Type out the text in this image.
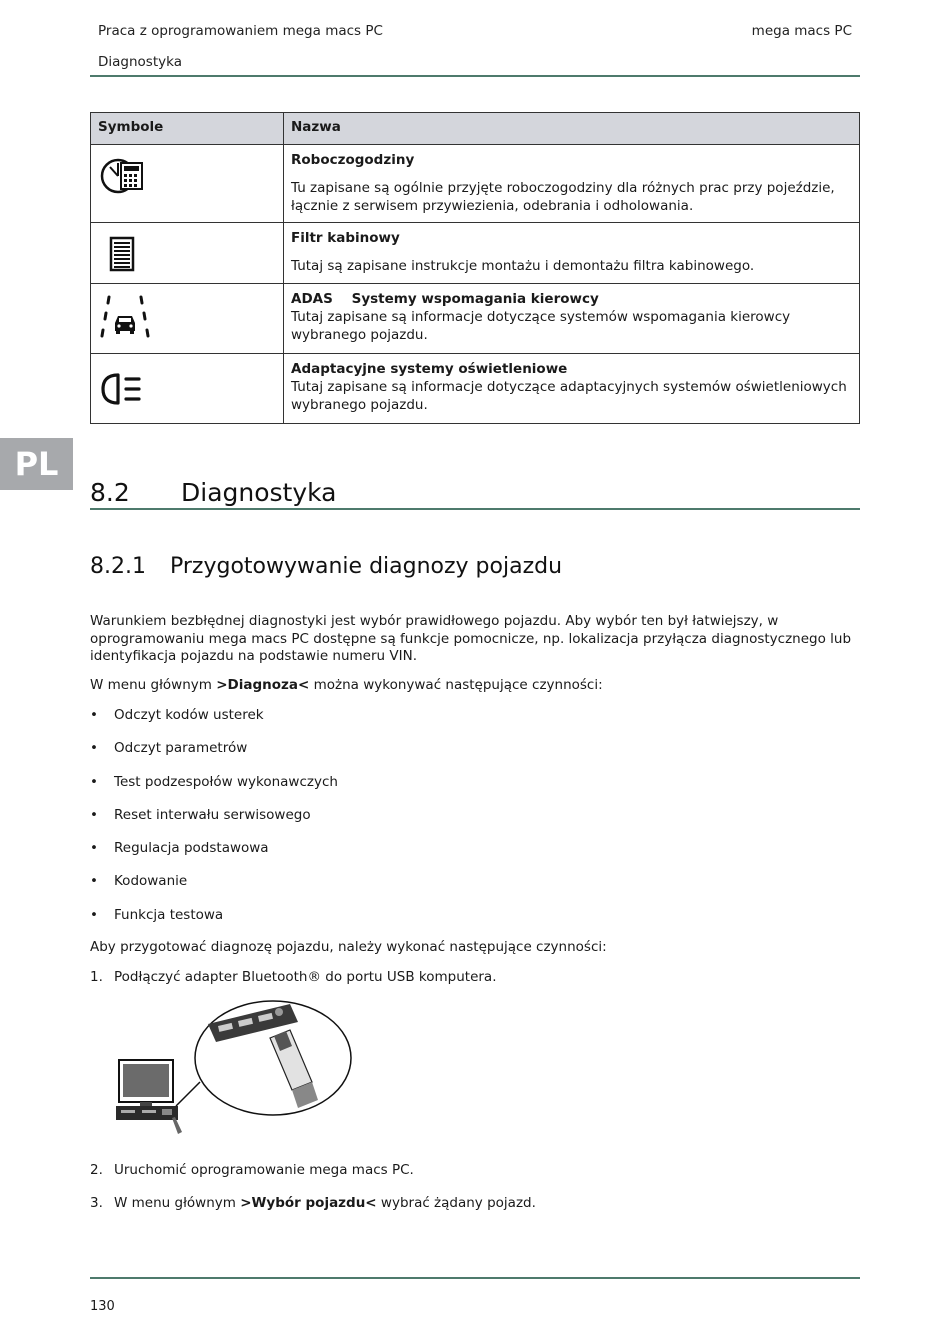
Praca z oprogramowaniem mega macs PC	mega macs PC
Diagnostyka
Symbole	Nazwa

Roboczogodziny
Tu zapisane są ogólnie przyjęte roboczogodziny dla różnych prac przy pojeździe, łącznie z serwisem przywiezienia, odebrania i odholowania.

Filtr kabinowy
Tutaj są zapisane instrukcje montażu i demontażu filtra kabinowego.

ADAS    Systemy wspomagania kierowcy
Tutaj zapisane są informacje dotyczące systemów wspomagania kierowcy wybranego pojazdu.

Adaptacyjne systemy oświetleniowe
Tutaj zapisane są informacje dotyczące adaptacyjnych systemów oświetleniowych wybranego pojazdu.
PL
8.2 Diagnostyka
8.2.1 Przygotowywanie diagnozy pojazdu
Warunkiem bezbłędnej diagnostyki jest wybór prawidłowego pojazdu. Aby wybór ten był łatwiejszy, w oprogramowaniu mega macs PC dostępne są funkcje pomocnicze, np. lokalizacja przyłącza diagnostycznego lub identyfikacja pojazdu na podstawie numeru VIN.
W menu głównym >Diagnoza< można wykonywać następujące czynności:
• Odczyt kodów usterek
• Odczyt parametrów
• Test podzespołów wykonawczych
• Reset interwału serwisowego
• Regulacja podstawowa
• Kodowanie
• Funkcja testowa
Aby przygotować diagnozę pojazdu, należy wykonać następujące czynności:
1. Podłączyć adapter Bluetooth® do portu USB komputera.
2. Uruchomić oprogramowanie mega macs PC.
3. W menu głównym >Wybór pojazdu< wybrać żądany pojazd.
130
